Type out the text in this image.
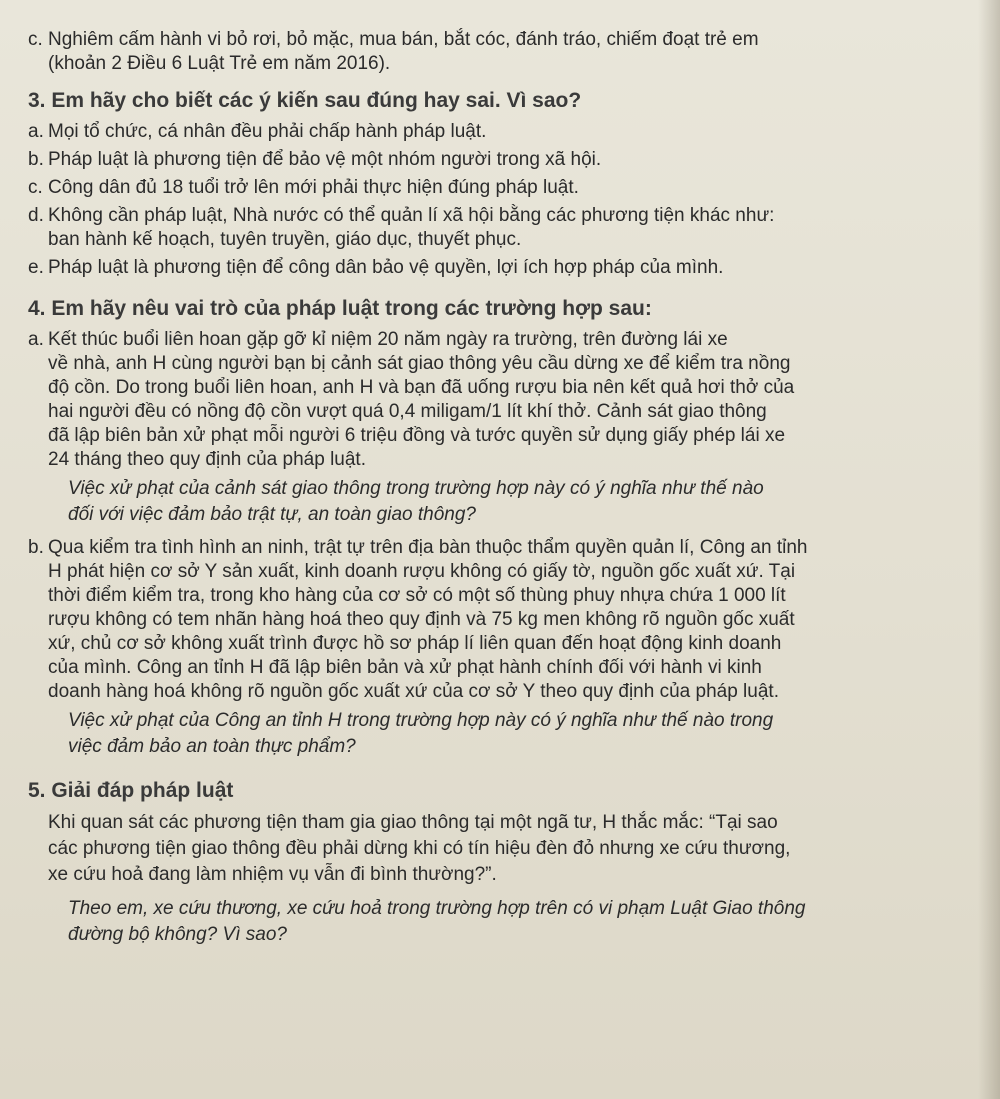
c. Nghiêm cấm hành vi bỏ rơi, bỏ mặc, mua bán, bắt cóc, đánh tráo, chiếm đoạt trẻ em

(khoản 2 Điều 6 Luật Trẻ em năm 2016).

3. Em hãy cho biết các ý kiến sau đúng hay sai. Vì sao?

a. Mọi tổ chức, cá nhân đều phải chấp hành pháp luật.

b. Pháp luật là phương tiện để bảo vệ một nhóm người trong xã hội.

c. Công dân đủ 18 tuổi trở lên mới phải thực hiện đúng pháp luật.

d. Không cần pháp luật, Nhà nước có thể quản lí xã hội bằng các phương tiện khác như:

ban hành kế hoạch, tuyên truyền, giáo dục, thuyết phục.

e. Pháp luật là phương tiện để công dân bảo vệ quyền, lợi ích hợp pháp của mình.

4. Em hãy nêu vai trò của pháp luật trong các trường hợp sau:

a. Kết thúc buổi liên hoan gặp gỡ kỉ niệm 20 năm ngày ra trường, trên đường lái xe

về nhà, anh H cùng người bạn bị cảnh sát giao thông yêu cầu dừng xe để kiểm tra nồng

độ cồn. Do trong buổi liên hoan, anh H và bạn đã uống rượu bia nên kết quả hơi thở của

hai người đều có nồng độ cồn vượt quá 0,4 miligam/1 lít khí thở. Cảnh sát giao thông

đã lập biên bản xử phạt mỗi người 6 triệu đồng và tước quyền sử dụng giấy phép lái xe

24 tháng theo quy định của pháp luật.

Việc xử phạt của cảnh sát giao thông trong trường hợp này có ý nghĩa như thế nào

đối với việc đảm bảo trật tự, an toàn giao thông?

b. Qua kiểm tra tình hình an ninh, trật tự trên địa bàn thuộc thẩm quyền quản lí, Công an tỉnh

H phát hiện cơ sở Y sản xuất, kinh doanh rượu không có giấy tờ, nguồn gốc xuất xứ. Tại

thời điểm kiểm tra, trong kho hàng của cơ sở có một số thùng phuy nhựa chứa 1 000 lít

rượu không có tem nhãn hàng hoá theo quy định và 75 kg men không rõ nguồn gốc xuất

xứ, chủ cơ sở không xuất trình được hồ sơ pháp lí liên quan đến hoạt động kinh doanh

của mình. Công an tỉnh H đã lập biên bản và xử phạt hành chính đối với hành vi kinh

doanh hàng hoá không rõ nguồn gốc xuất xứ của cơ sở Y theo quy định của pháp luật.

Việc xử phạt của Công an tỉnh H trong trường hợp này có ý nghĩa như thế nào trong

việc đảm bảo an toàn thực phẩm?

5. Giải đáp pháp luật

Khi quan sát các phương tiện tham gia giao thông tại một ngã tư, H thắc mắc: “Tại sao

các phương tiện giao thông đều phải dừng khi có tín hiệu đèn đỏ nhưng xe cứu thương,

xe cứu hoả đang làm nhiệm vụ vẫn đi bình thường?”.

Theo em, xe cứu thương, xe cứu hoả trong trường hợp trên có vi phạm Luật Giao thông

đường bộ không? Vì sao?
